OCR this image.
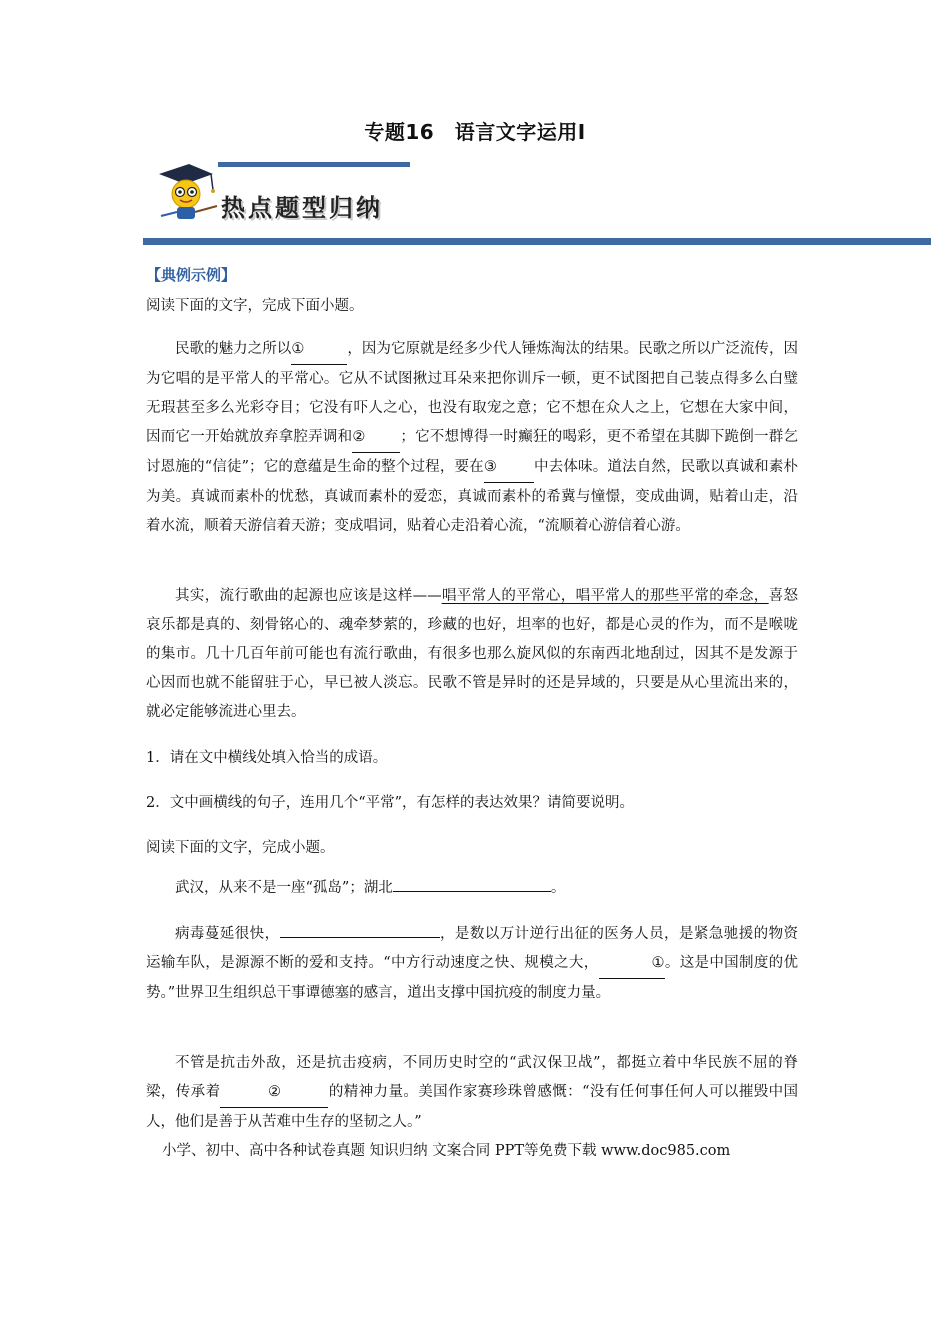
专题16　语言文字运用Ⅰ
热点题型归纳
【典例示例】
阅读下面的文字，完成下面小题。
民歌的魅力之所以①	，因为它原就是经多少代人锤炼淘汰的结果。民歌之所以广泛流传，因为它唱的是平常人的平常心。它从不试图揪过耳朵来把你训斥一顿，更不试图把自己装点得多么白璧无瑕甚至多么光彩夺目；它没有吓人之心，也没有取宠之意；它不想在众人之上，它想在大家中间，因而它一开始就放弃拿腔弄调和② ；它不想博得一时癫狂的喝彩，更不希望在其脚下跪倒一群乞讨恩施的“信徒”；它的意蕴是生命的整个过程，要在③	中去体味。道法自然，民歌以真诚和素朴为美。真诚而素朴的忧愁，真诚而素朴的爱恋，真诚而素朴的希冀与憧憬，变成曲调，贴着山走，沿着水流，顺着天游信着天游；变成唱词，贴着心走沿着心流，“流顺着心游信着心游。
其实，流行歌曲的起源也应该是这样——唱平常人的平常心，唱平常人的那些平常的牵念，喜怒哀乐都是真的、刻骨铭心的、魂牵梦萦的，珍藏的也好，坦率的也好，都是心灵的作为，而不是喉咙的集市。几十几百年前可能也有流行歌曲，有很多也那么旋风似的东南西北地刮过，因其不是发源于心因而也就不能留驻于心，早已被人淡忘。民歌不管是异时的还是异域的，只要是从心里流出来的，就必定能够流进心里去。
1．请在文中横线处填入恰当的成语。
2．文中画横线的句子，连用几个“平常”，有怎样的表达效果？请简要说明。
阅读下面的文字，完成小题。
武汉，从来不是一座“孤岛”；湖北	。
病毒蔓延很快，	，是数以万计逆行出征的医务人员，是紧急驰援的物资运输车队，是源源不断的爱和支持。“中方行动速度之快、规模之大，	①。这是中国制度的优势。”世界卫生组织总干事谭德塞的感言，道出支撑中国抗疫的制度力量。
不管是抗击外敌，还是抗击疫病，不同历史时空的“武汉保卫战”，都挺立着中华民族不屈的脊梁，传承着	②	的精神力量。美国作家赛珍珠曾感慨：“没有任何事任何人可以摧毁中国人，他们是善于从苦难中生存的坚韧之人。”
小学、初中、高中各种试卷真题 知识归纳 文案合同 PPT等免费下载 www.doc985.com
